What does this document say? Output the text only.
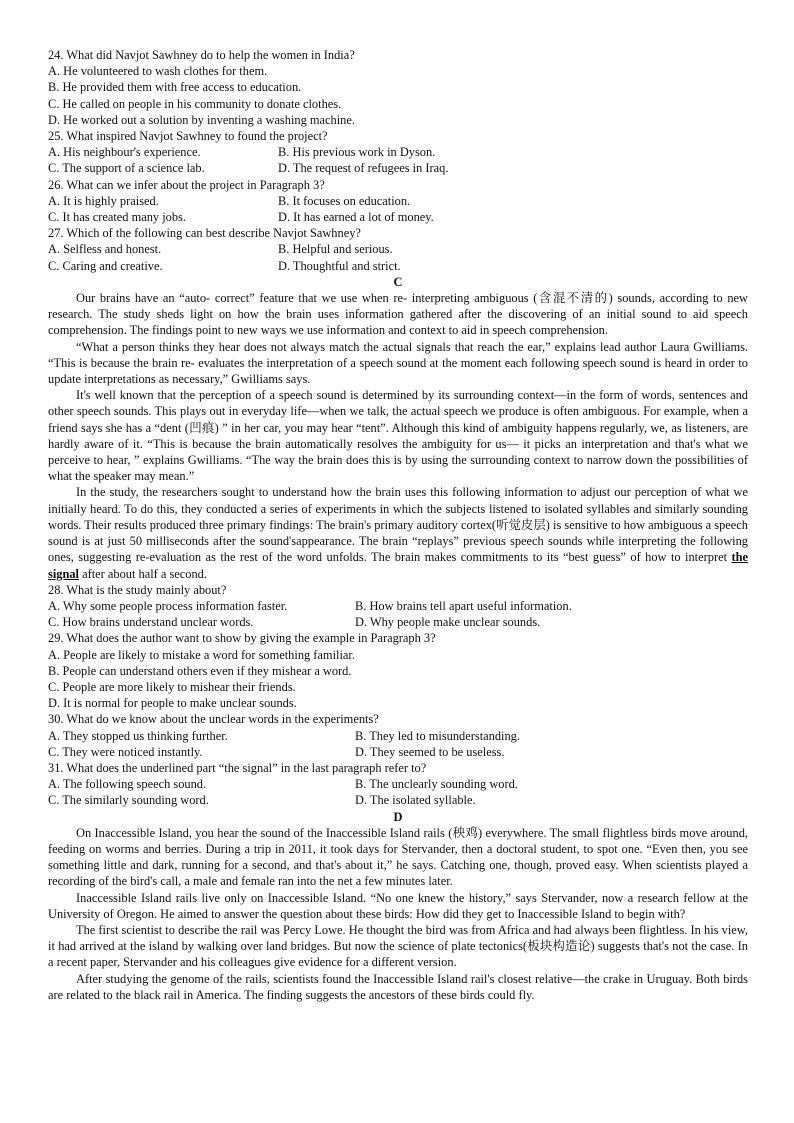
24. What did Navjot Sawhney do to help the women in India?
A. He volunteered to wash clothes for them.
B. He provided them with free access to education.
C. He called on people in his community to donate clothes.
D. He worked out a solution by inventing a washing machine.
25. What inspired Navjot Sawhney to found the project?
A. His neighbour's experience.	B. His previous work in Dyson.
C. The support of a science lab.	D. The request of refugees in Iraq.
26. What can we infer about the project in Paragraph 3?
A. It is highly praised.	B. It focuses on education.
C. It has created many jobs.	D. It has earned a lot of money.
27. Which of the following can best describe Navjot Sawhney?
A. Selfless and honest.	B. Helpful and serious.
C. Caring and creative.	D. Thoughtful and strict.
C
Our brains have an “auto- correct” feature that we use when re- interpreting ambiguous (含混不清的) sounds, according to new research. The study sheds light on how the brain uses information gathered after the discovering of an initial sound to aid speech comprehension. The findings point to new ways we use information and context to aid in speech comprehension.
“What a person thinks they hear does not always match the actual signals that reach the ear,” explains lead author Laura Gwilliams. “This is because the brain re- evaluates the interpretation of a speech sound at the moment each following speech sound is heard in order to update interpretations as necessary,” Gwilliams says.
It's well known that the perception of a speech sound is determined by its surrounding context—in the form of words, sentences and other speech sounds. This plays out in everyday life—when we talk, the actual speech we produce is often ambiguous. For example, when a friend says she has a “dent (凹痕) ” in her car, you may hear “tent”. Although this kind of ambiguity happens regularly, we, as listeners, are hardly aware of it. “This is because the brain automatically resolves the ambiguity for us— it picks an interpretation and that's what we perceive to hear, ” explains Gwilliams. “The way the brain does this is by using the surrounding context to narrow down the possibilities of what the speaker may mean.”
In the study, the researchers sought to understand how the brain uses this following information to adjust our perception of what we initially heard. To do this, they conducted a series of experiments in which the subjects listened to isolated syllables and similarly sounding words. Their results produced three primary findings: The brain's primary auditory cortex(听觉皮层) is sensitive to how ambiguous a speech sound is at just 50 milliseconds after the sound'sappearance. The brain “replays” previous speech sounds while interpreting the following ones, suggesting re-evaluation as the rest of the word unfolds. The brain makes commitments to its “best guess” of how to interpret the signal after about half a second.
28. What is the study mainly about?
A. Why some people process information faster.	B. How brains tell apart useful information.
C. How brains understand unclear words.	D. Why people make unclear sounds.
29. What does the author want to show by giving the example in Paragraph 3?
A. People are likely to mistake a word for something familiar.
B. People can understand others even if they mishear a word.
C. People are more likely to mishear their friends.
D. It is normal for people to make unclear sounds.
30. What do we know about the unclear words in the experiments?
A. They stopped us thinking further.	B. They led to misunderstanding.
C. They were noticed instantly.	D. They seemed to be useless.
31. What does the underlined part “the signal” in the last paragraph refer to?
A. The following speech sound.	B. The unclearly sounding word.
C. The similarly sounding word.	D. The isolated syllable.
D
On Inaccessible Island, you hear the sound of the Inaccessible Island rails (秧鸡) everywhere. The small flightless birds move around, feeding on worms and berries. During a trip in 2011, it took days for Stervander, then a doctoral student, to spot one. “Even then, you see something little and dark, running for a second, and that's about it,” he says. Catching one, though, proved easy. When scientists played a recording of the bird's call, a male and female ran into the net a few minutes later.
Inaccessible Island rails live only on Inaccessible Island. “No one knew the history,” says Stervander, now a research fellow at the University of Oregon. He aimed to answer the question about these birds: How did they get to Inaccessible Island to begin with?
The first scientist to describe the rail was Percy Lowe. He thought the bird was from Africa and had always been flightless. In his view, it had arrived at the island by walking over land bridges. But now the science of plate tectonics(板块构造论) suggests that's not the case. In a recent paper, Stervander and his colleagues give evidence for a different version.
After studying the genome of the rails, scientists found the Inaccessible Island rail's closest relative—the crake in Uruguay. Both birds are related to the black rail in America. The finding suggests the ancestors of these birds could fly.
